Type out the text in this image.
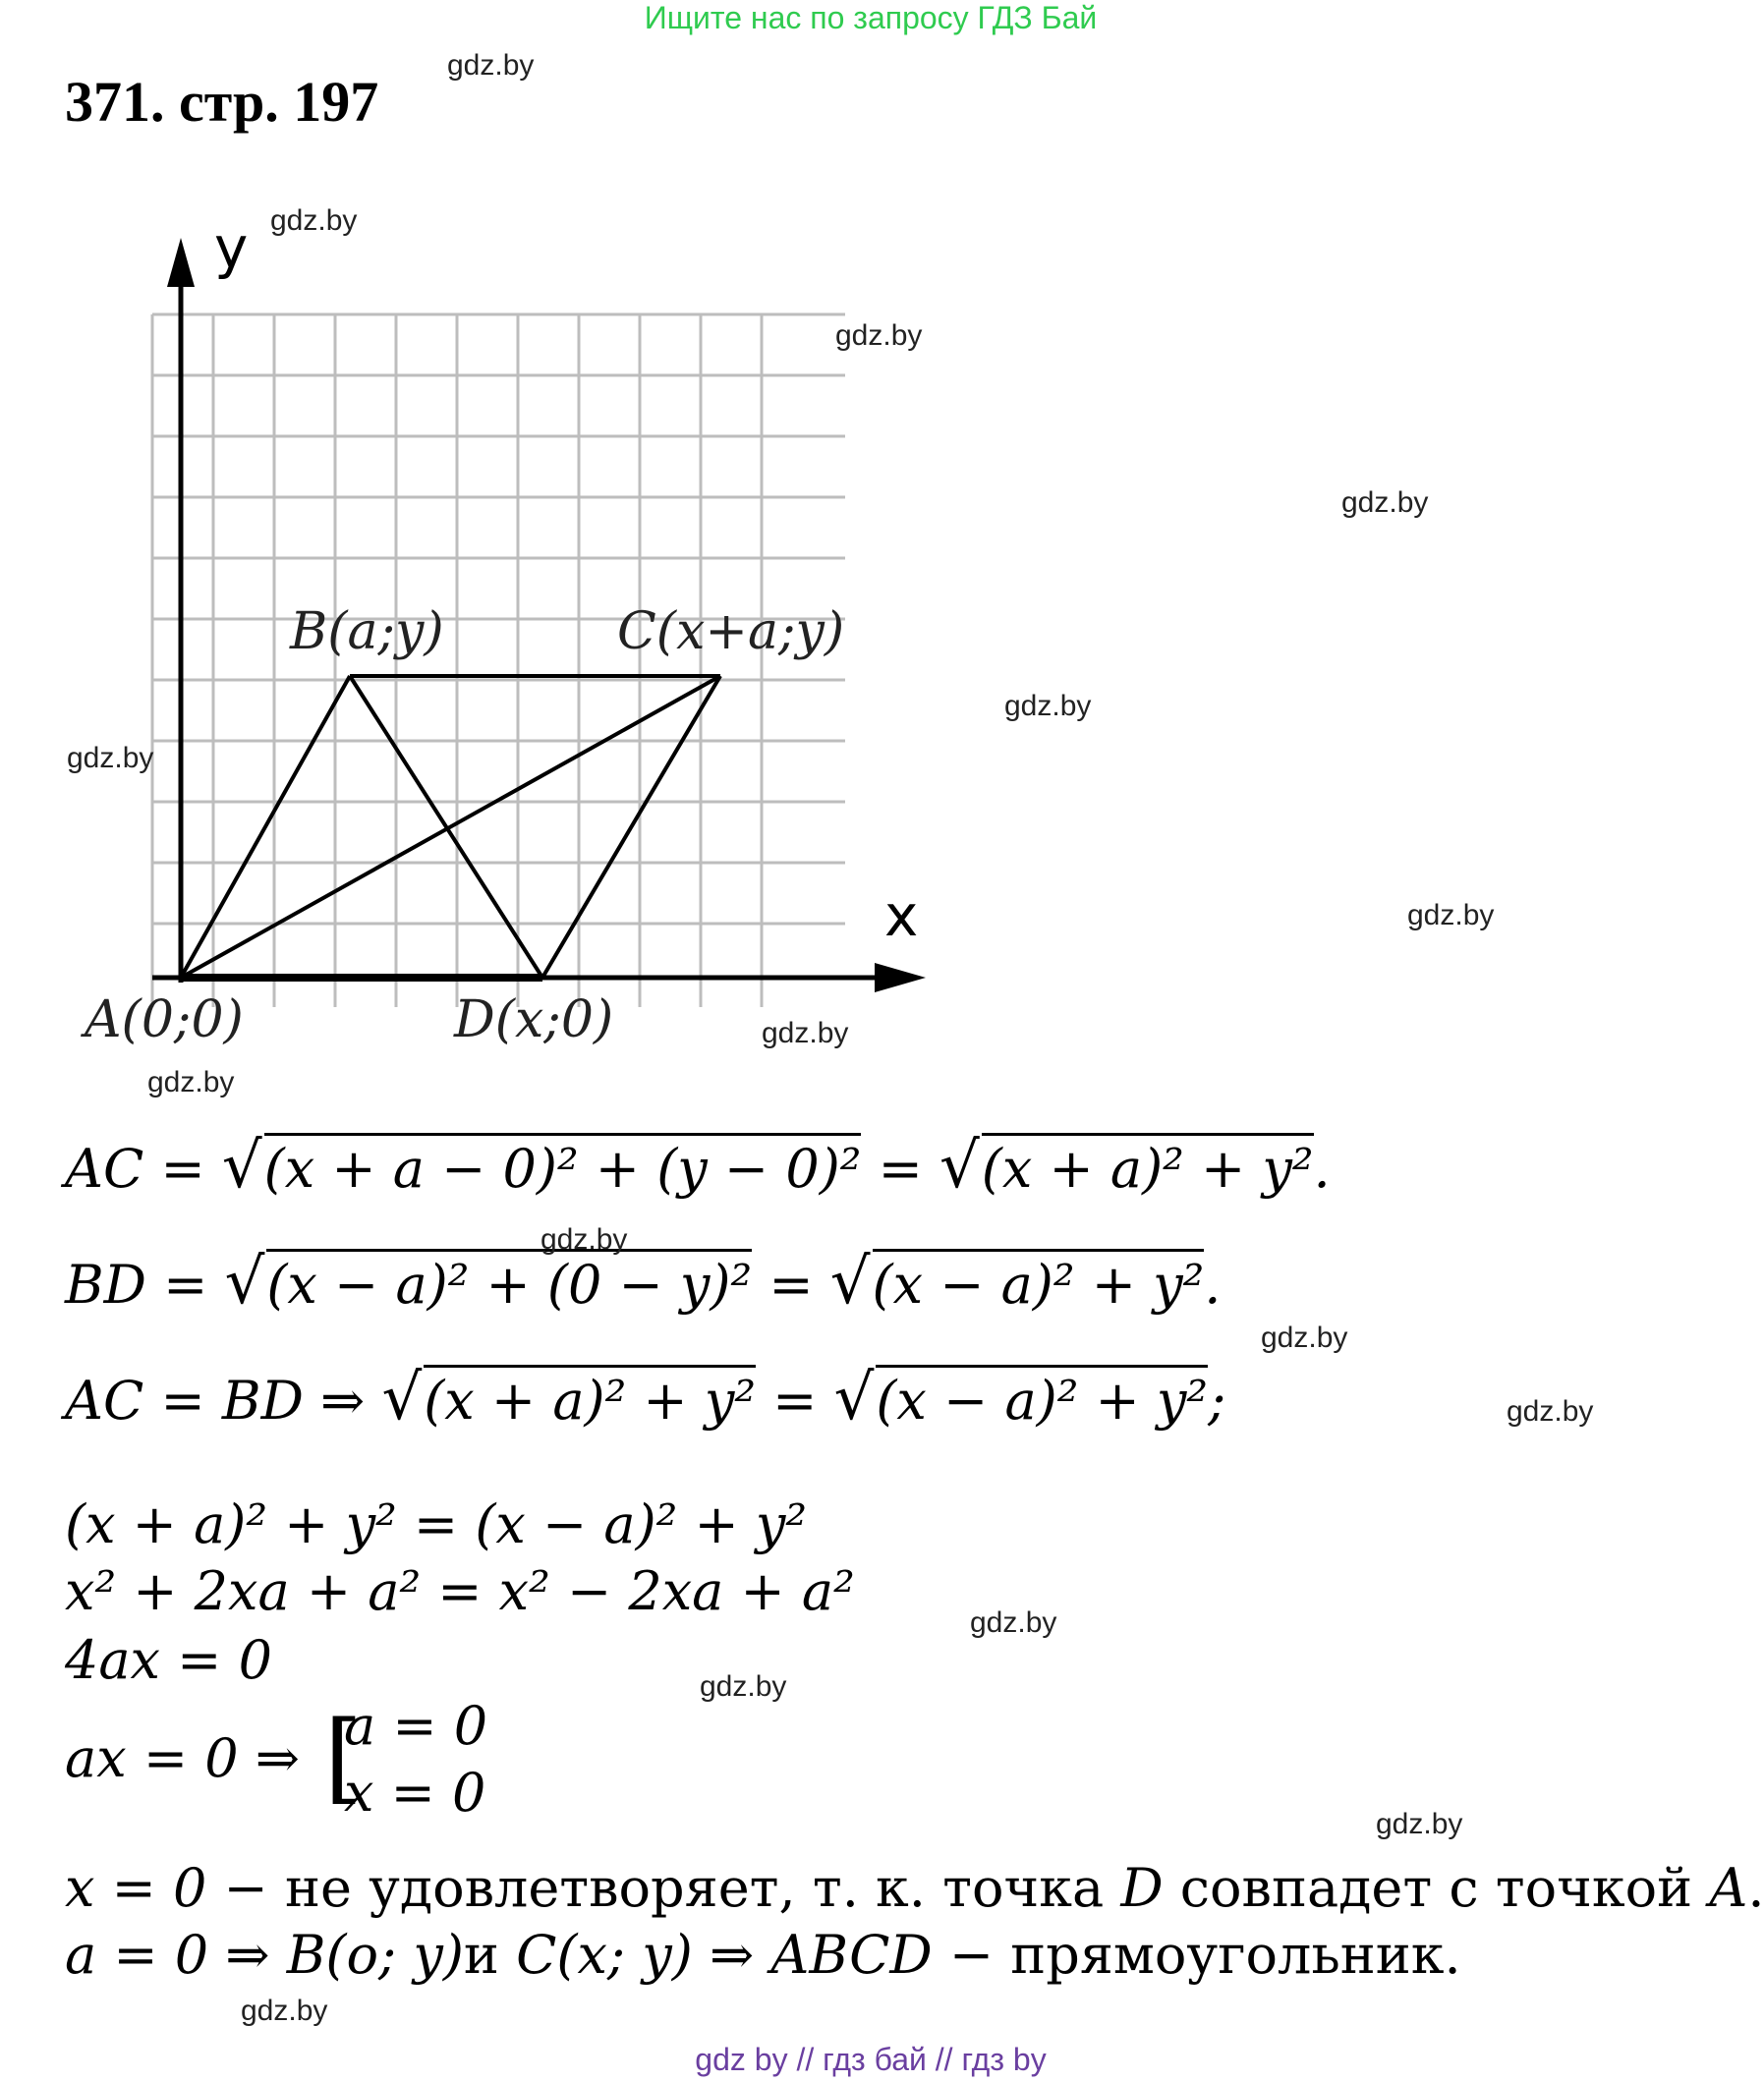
Ищите нас по запросу ГДЗ Бай
371. стр. 197
y
x
B(a;y)	C(x+a;y)
A(0;0)	D(x;0)
AC = √(x + a − 0)² + (y − 0)² = √(x + a)² + y².
BD = √(x − a)² + (0 − y)² = √(x − a)² + y².
AC = BD ⇒ √(x + a)² + y² = √(x − a)² + y²;
(x + a)² + y² = (x − a)² + y²
x² + 2xa + a² = x² − 2xa + a²
4ax = 0
ax = 0 ⇒ [
a = 0
x = 0
x = 0 − не удовлетворяет, т. к. точка D совпадет с точкой A.
a = 0 ⇒ B(o; y)и C(x; y) ⇒ ABCD − прямоугольник.
gdz.by
gdz.by
gdz.by
gdz.by
gdz.by
gdz.by
gdz.by
gdz.by
gdz.by
gdz.by
gdz.by
gdz.by
gdz.by
gdz.by
gdz.by
gdz.by
gdz by // гдз бай // гдз by
